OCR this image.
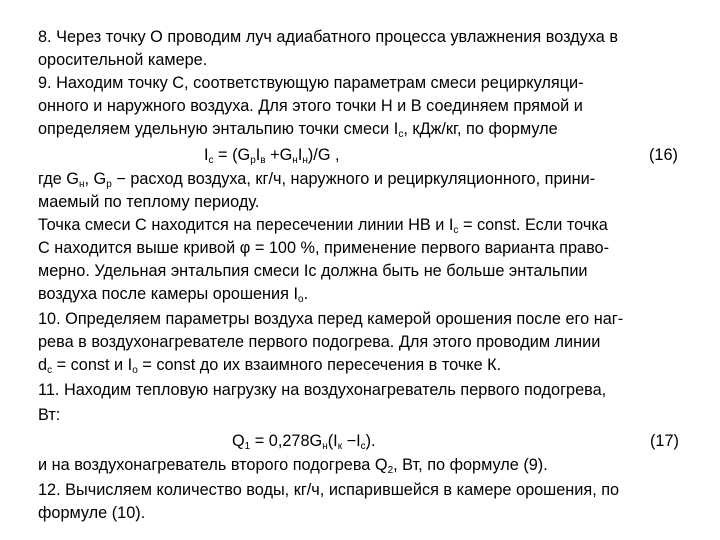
8. Через точку О проводим луч адиабатного процесса увлажнения воздуха в
оросительной камере.
9. Находим точку С, соответствующую параметрам смеси рециркуляци-
онного и наружного воздуха. Для этого точки Н и В соединяем прямой и
определяем удельную энтальпию точки смеси $I_с$, кДж/кг, по формуле
$I_с = (G_рI_в +G_нI_н)/G$ ,	(16)
где $G_н$, $G_р$ − расход воздуха, кг/ч, наружного и рециркуляционного, прини-
маемый по теплому периоду.
Точка смеси С находится на пересечении линии НВ и $I_с$ = const. Если точка
С находится выше кривой φ = 100 %, применение первого варианта право-
мерно. Удельная энтальпия смеси Ic должна быть не больше энтальпии
воздуха после камеры орошения $I_о$.
10. Определяем параметры воздуха перед камерой орошения после его наг-
рева в воздухонагревателе первого подогрева. Для этого проводим линии
$d_с$ = const и $I_о$ = const до их взаимного пересечения в точке К.
11. Находим тепловую нагрузку на воздухонагреватель первого подогрева,
Вт:
$Q_1 = 0,278G_н(I_к -I_с)$.	(17)
и на воздухонагреватель второго подогрева $Q_2$, Вт, по формуле (9).
12. Вычисляем количество воды, кг/ч, испарившейся в камере орошения, по
формуле (10).
